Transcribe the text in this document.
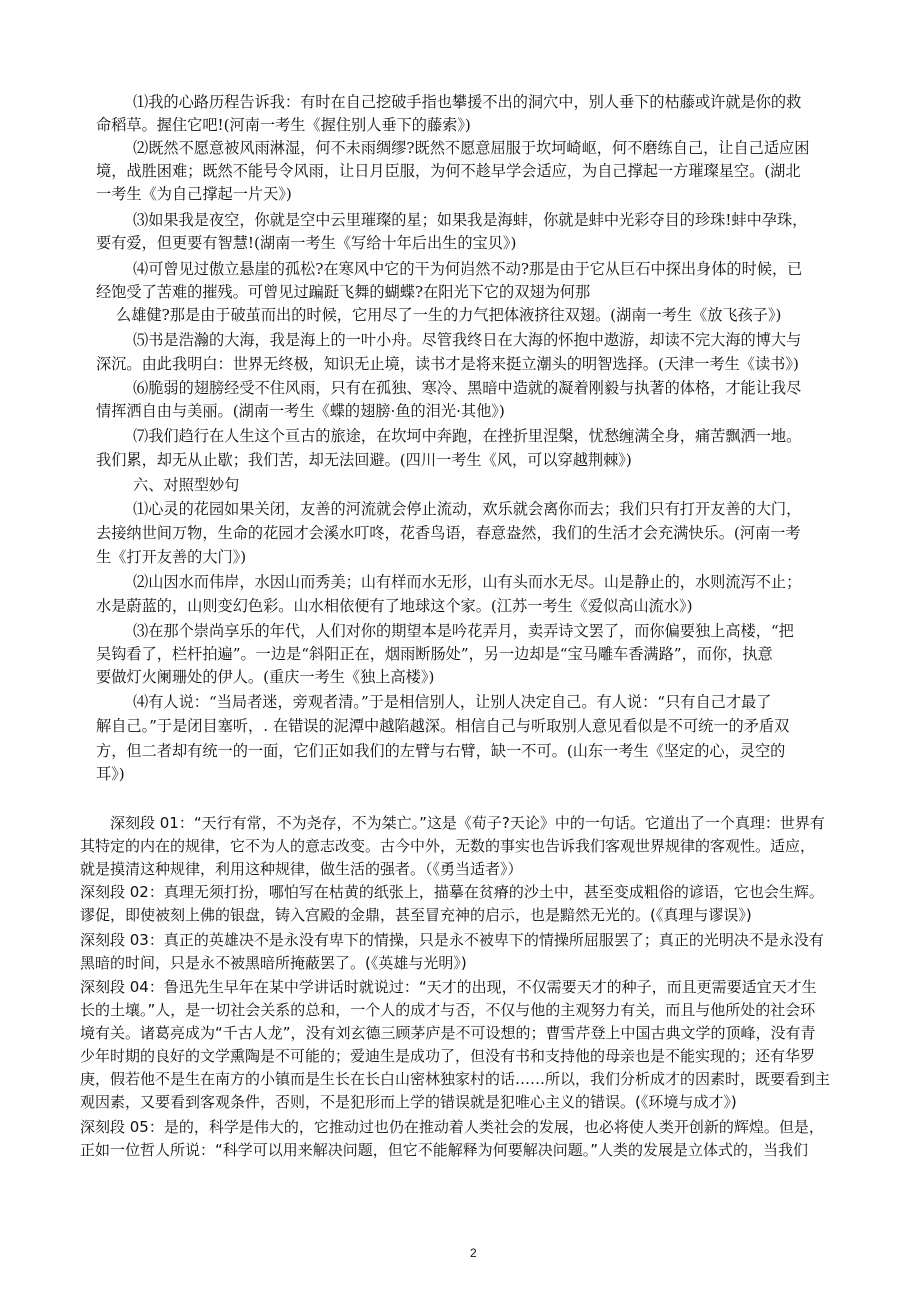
⑴我的心路历程告诉我：有时在自己挖破手指也攀援不出的洞穴中，别人垂下的枯藤或许就是你的救
命稻草。握住它吧!(河南一考生《握住别人垂下的藤索》)
⑵既然不愿意被风雨淋湿，何不未雨绸缪?既然不愿意屈服于坎坷崎岖，何不磨练自己，让自己适应困
境，战胜困难；既然不能号令风雨，让日月臣服，为何不趁早学会适应，为自己撑起一方璀璨星空。(湖北
一考生《为自己撑起一片天》)
⑶如果我是夜空，你就是空中云里璀璨的星；如果我是海蚌，你就是蚌中光彩夺目的珍珠!蚌中孕珠，
要有爱，但更要有智慧!(湖南一考生《写给十年后出生的宝贝》)
⑷可曾见过傲立悬崖的孤松?在寒风中它的干为何岿然不动?那是由于它从巨石中探出身体的时候，已
经饱受了苦难的摧残。可曾见过蹁跹飞舞的蝴蝶?在阳光下它的双翅为何那
么雄健?那是由于破茧而出的时候，它用尽了一生的力气把体液挤往双翅。(湖南一考生《放飞孩子》)
⑸书是浩瀚的大海，我是海上的一叶小舟。尽管我终日在大海的怀抱中遨游，却读不完大海的博大与
深沉。由此我明白：世界无终极，知识无止境，读书才是将来挺立潮头的明智选择。(天津一考生《读书》)
⑹脆弱的翅膀经受不住风雨，只有在孤独、寒冷、黑暗中造就的凝着刚毅与执著的体格，才能让我尽
情挥洒自由与美丽。(湖南一考生《蝶的翅膀·鱼的泪光·其他》)
⑺我们趋行在人生这个亘古的旅途，在坎坷中奔跑，在挫折里涅槃，忧愁缠满全身，痛苦飘洒一地。
我们累，却无从止歇；我们苦，却无法回避。(四川一考生《风，可以穿越荆棘》)
六、对照型妙句
⑴心灵的花园如果关闭，友善的河流就会停止流动，欢乐就会离你而去；我们只有打开友善的大门，
去接纳世间万物，生命的花园才会溪水叮咚，花香鸟语，春意盎然，我们的生活才会充满快乐。(河南一考
生《打开友善的大门》)
⑵山因水而伟岸，水因山而秀美；山有样而水无形，山有头而水无尽。山是静止的，水则流泻不止；
水是蔚蓝的，山则变幻色彩。山水相依便有了地球这个家。(江苏一考生《爱似高山流水》)
⑶在那个崇尚享乐的年代，人们对你的期望本是吟花弄月，卖弄诗文罢了，而你偏要独上高楼，“把
吴钩看了，栏杆拍遍”。一边是“斜阳正在，烟雨断肠处”，另一边却是“宝马雕车香满路”，而你，执意
要做灯火阑珊处的伊人。(重庆一考生《独上高楼》)
⑷有人说：“当局者迷，旁观者清。”于是相信别人，让别人决定自己。有人说：“只有自己才最了
解自己。”于是闭目塞听，. 在错误的泥潭中越陷越深。相信自己与听取别人意见看似是不可统一的矛盾双
方，但二者却有统一的一面，它们正如我们的左臂与右臂，缺一不可。(山东一考生《坚定的心，灵空的
耳》)
深刻段 01：“天行有常，不为尧存，不为桀亡。”这是《荀子?天论》中的一句话。它道出了一个真理：世界有
其特定的内在的规律，它不为人的意志改变。古今中外，无数的事实也告诉我们客观世界规律的客观性。适应，
就是摸清这种规律，利用这种规律，做生活的强者。（《勇当适者》）
深刻段 02：真理无须打扮，哪怕写在枯黄的纸张上，描摹在贫瘠的沙土中，甚至变成粗俗的谚语，它也会生辉。
谬促，即使被刻上佛的银盘，铸入宫殿的金鼎，甚至冒充神的启示，也是黯然无光的。(《真理与谬误》)
深刻段 03：真正的英雄决不是永没有卑下的情操，只是永不被卑下的情操所屈服罢了；真正的光明决不是永没有
黑暗的时间，只是永不被黑暗所掩蔽罢了。(《英雄与光明》)
深刻段 04：鲁迅先生早年在某中学讲话时就说过：“天才的出现，不仅需要天才的种子，而且更需要适宜天才生
长的土壤。”人，是一切社会关系的总和，一个人的成才与否，不仅与他的主观努力有关，而且与他所处的社会环
境有关。诸葛亮成为“千古人龙”，没有刘玄德三顾茅庐是不可设想的；曹雪芹登上中国古典文学的顶峰，没有青
少年时期的良好的文学熏陶是不可能的；爱迪生是成功了，但没有书和支持他的母亲也是不能实现的；还有华罗
庚，假若他不是生在南方的小镇而是生长在长白山密林独家村的话……所以，我们分析成才的因素时，既要看到主
观因素，又要看到客观条件，否则，不是犯形而上学的错误就是犯唯心主义的错误。(《环境与成才》)
深刻段 05：是的，科学是伟大的，它推动过也仍在推动着人类社会的发展，也必将使人类开创新的辉煌。但是，
正如一位哲人所说：“科学可以用来解决问题，但它不能解释为何要解决问题。”人类的发展是立体式的，当我们
2
